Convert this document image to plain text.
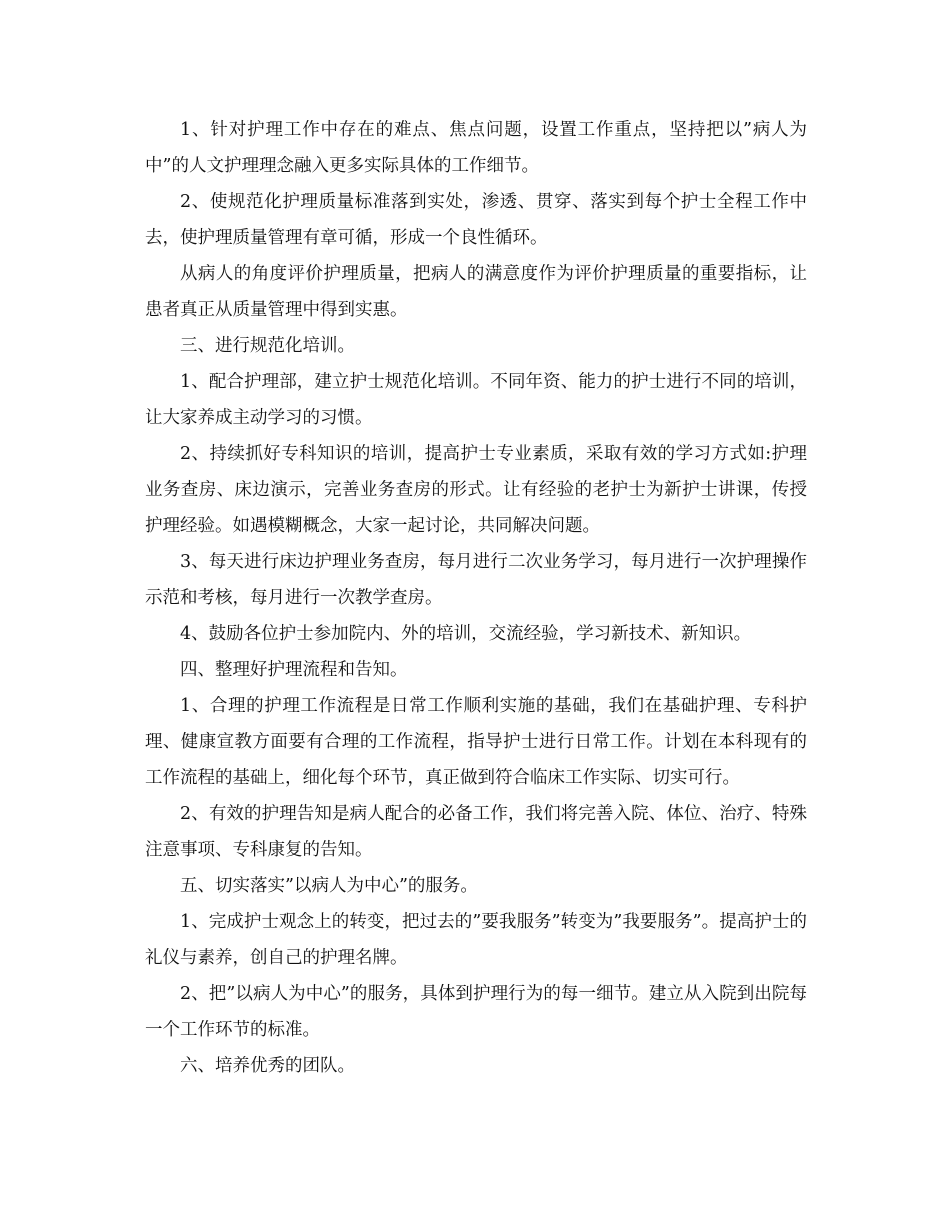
1、针对护理工作中存在的难点、焦点问题，设置工作重点，坚持把以”病人为中”的人文护理理念融入更多实际具体的工作细节。

2、使规范化护理质量标准落到实处，渗透、贯穿、落实到每个护士全程工作中去，使护理质量管理有章可循，形成一个良性循环。

从病人的角度评价护理质量，把病人的满意度作为评价护理质量的重要指标，让患者真正从质量管理中得到实惠。

三、进行规范化培训。

1、配合护理部，建立护士规范化培训。不同年资、能力的护士进行不同的培训，让大家养成主动学习的习惯。

2、持续抓好专科知识的培训，提高护士专业素质，采取有效的学习方式如:护理业务查房、床边演示，完善业务查房的形式。让有经验的老护士为新护士讲课，传授护理经验。如遇模糊概念，大家一起讨论，共同解决问题。

3、每天进行床边护理业务查房，每月进行二次业务学习，每月进行一次护理操作示范和考核，每月进行一次教学查房。

4、鼓励各位护士参加院内、外的培训，交流经验，学习新技术、新知识。

四、整理好护理流程和告知。

1、合理的护理工作流程是日常工作顺利实施的基础，我们在基础护理、专科护理、健康宣教方面要有合理的工作流程，指导护士进行日常工作。计划在本科现有的工作流程的基础上，细化每个环节，真正做到符合临床工作实际、切实可行。

2、有效的护理告知是病人配合的必备工作，我们将完善入院、体位、治疗、特殊注意事项、专科康复的告知。

五、切实落实”以病人为中心”的服务。

1、完成护士观念上的转变，把过去的”要我服务”转变为”我要服务”。提高护士的礼仪与素养，创自己的护理名牌。

2、把”以病人为中心”的服务，具体到护理行为的每一细节。建立从入院到出院每一个工作环节的标准。

六、培养优秀的团队。
